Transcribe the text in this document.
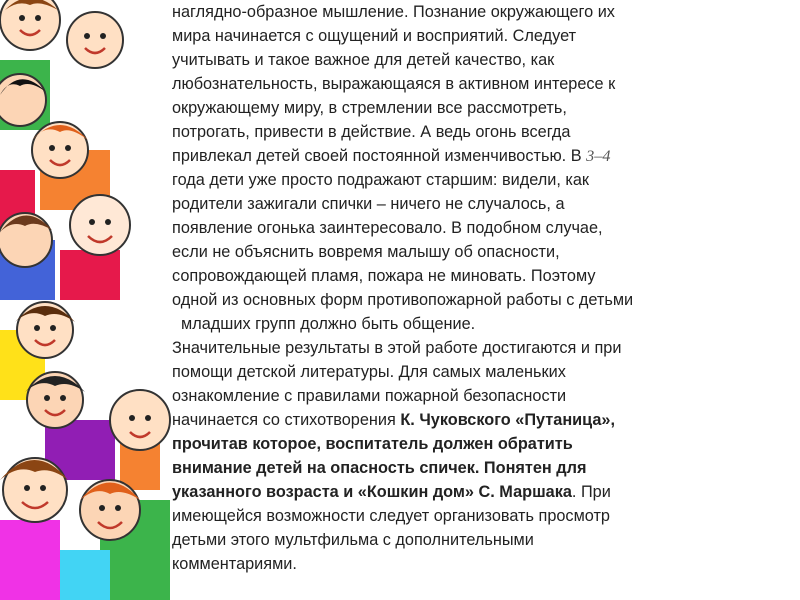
наглядно-образное мышление. Познание окружающего их
мира начинается с ощущений и восприятий. Следует
учитывать и такое важное для детей качество, как
любознательность, выражающаяся в активном интересе к
окружающему миру, в стремлении все рассмотреть,
потрогать, привести в действие. А ведь огонь всегда
привлекал детей своей постоянной изменчивостью. В 3–4
года дети уже просто подражают старшим: видели, как
родители зажигали спички – ничего не случалось, а
появление огонька заинтересовало. В подобном случае,
если не объяснить вовремя малышу об опасности,
сопровождающей пламя, пожара не миновать. Поэтому
одной из основных форм противопожарной работы с детьми
младших групп должно быть общение.
Значительные результаты в этой работе достигаются и при
помощи детской литературы. Для самых маленьких
ознакомление с правилами пожарной безопасности
начинается со стихотворения К. Чуковского «Путаница»,
прочитав которое, воспитатель должен обратить
внимание детей на опасность спичек. Понятен для
указанного возраста и «Кошкин дом» С. Маршака. При
имеющейся возможности следует организовать просмотр
детьми этого мультфильма с дополнительными
комментариями.
